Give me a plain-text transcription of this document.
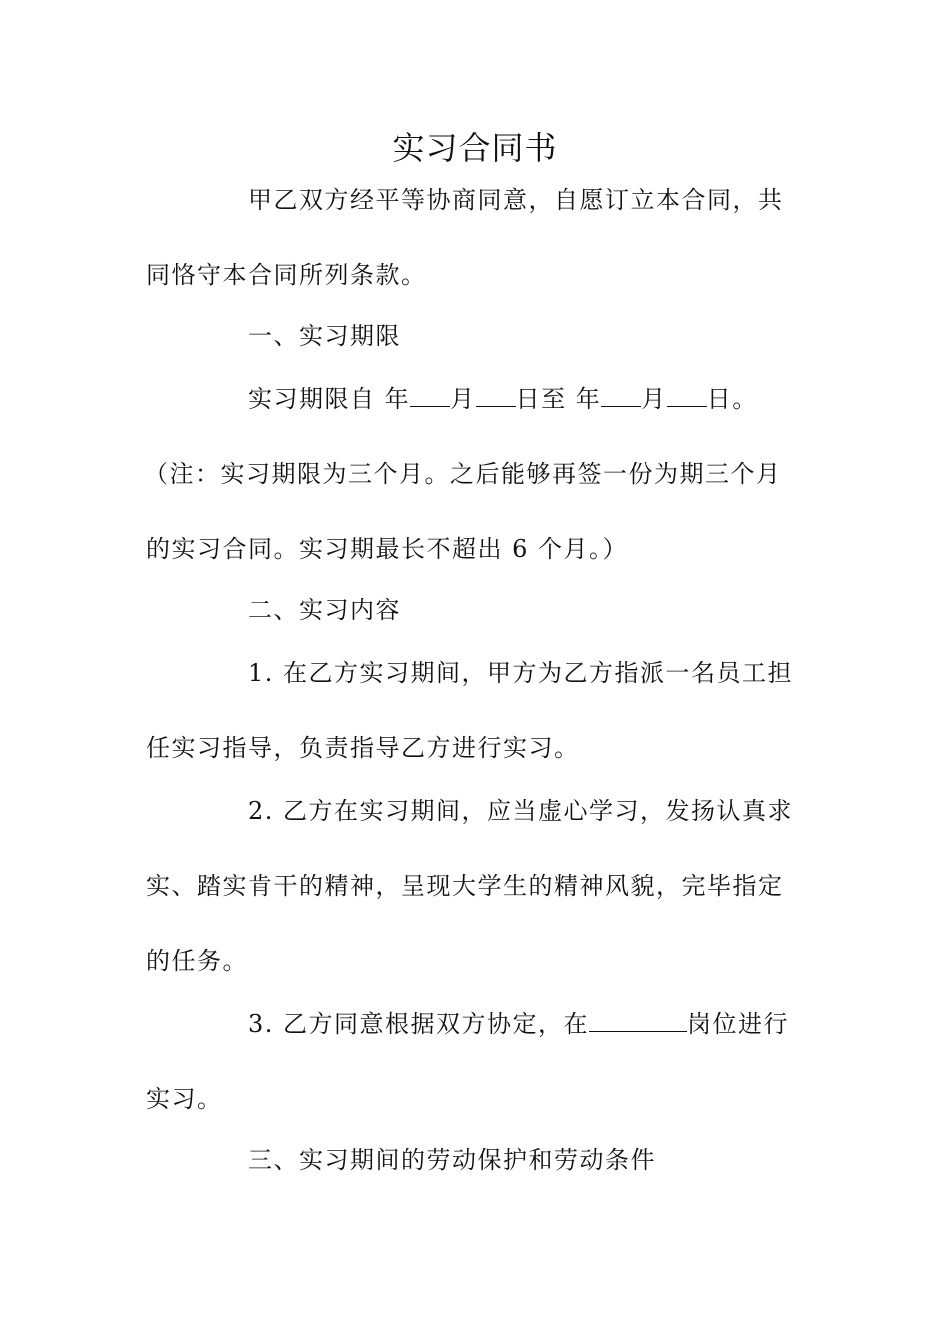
实习合同书
甲乙双方经平等协商同意，自愿订立本合同，共
同恪守本合同所列条款。
一、实习期限
实习期限自 年 月 日至 年 月 日。
（注：实习期限为三个月。之后能够再签一份为期三个月
的实习合同。实习期最长不超出 6 个月。）
二、实习内容
1. 在乙方实习期间，甲方为乙方指派一名员工担
任实习指导，负责指导乙方进行实习。
2. 乙方在实习期间，应当虚心学习，发扬认真求
实、踏实肯干的精神，呈现大学生的精神风貌，完毕指定
的任务。
3. 乙方同意根据双方协定，在	岗位进行
实习。
三、实习期间的劳动保护和劳动条件
